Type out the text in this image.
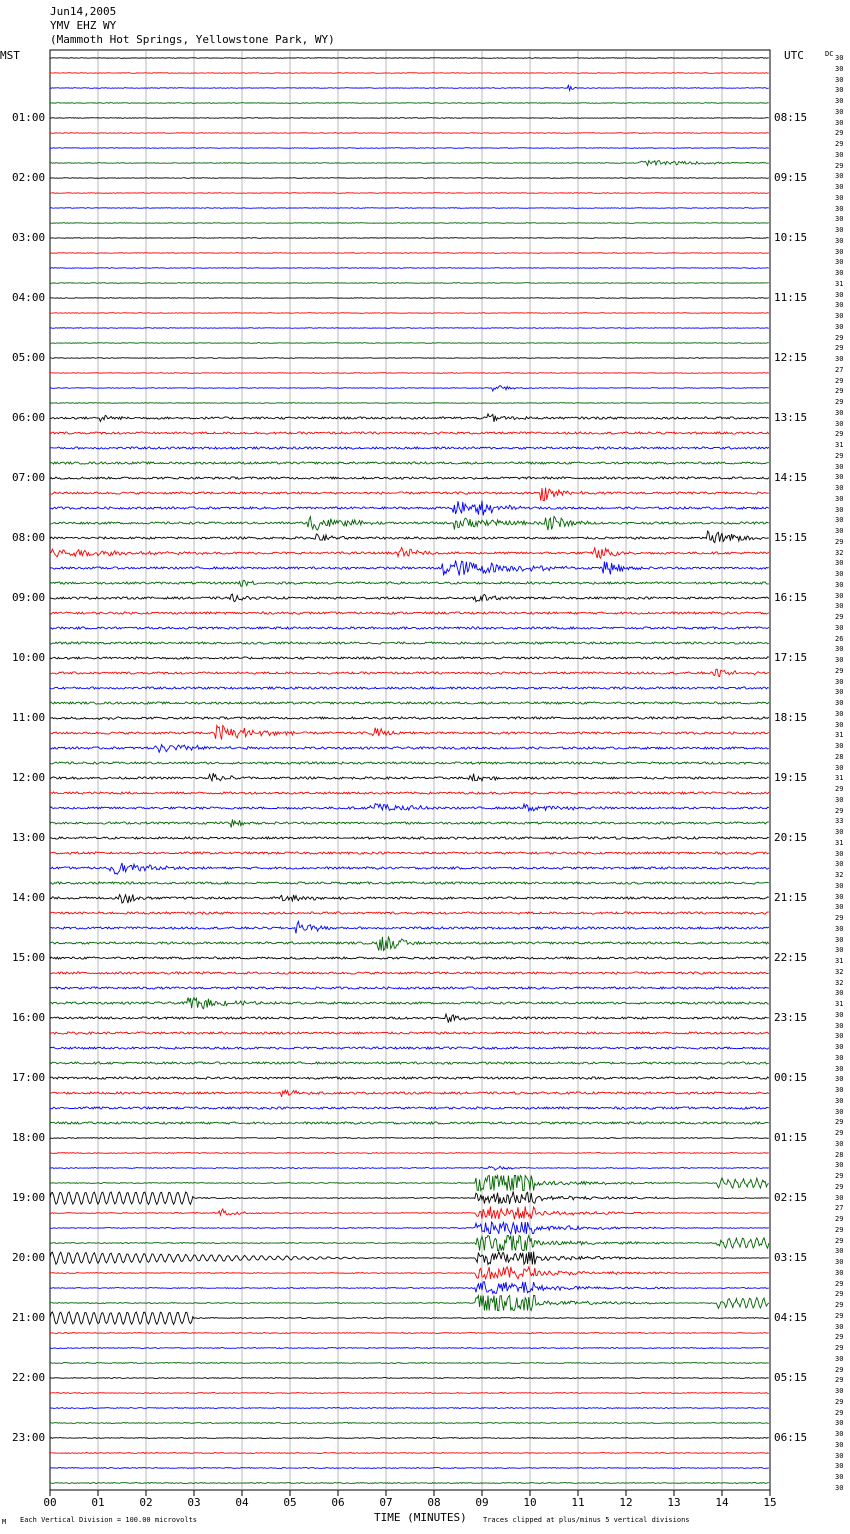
00	01	02	03	04	05	06	07	08	09	10	11	12	13	14	15
Jun14,2005
YMV EHZ WY
(Mammoth Hot Springs, Yellowstone Park, WY)
MST	UTC	DC
01:00
02:00
03:00
04:00
05:00
06:00
07:00
08:00
09:00
10:00
11:00
12:00
13:00
14:00
15:00
16:00
17:00
18:00
19:00
20:00
21:00
22:00
23:00
08:15
09:15
10:15
11:15
12:15
13:15
14:15
15:15
16:15
17:15
18:15
19:15
20:15
21:15
22:15
23:15
00:15
01:15
02:15
03:15
04:15
05:15
06:15
30
30
30
30
30
30
30
29
29
30
29
30
30
30
30
30
30
30
30
30
30
31
30
30
30
30
29
29
30
27
29
29
29
30
30
29
31
29
30
30
30
30
30
30
30
29
32
30
30
30
30
30
29
30
26
30
30
29
30
30
30
30
30
31
30
28
30
31
29
30
29
33
30
31
30
30
32
30
30
30
29
30
30
30
31
32
32
30
31
30
30
30
30
30
30
30
30
30
30
29
29
30
28
30
29
29
30
27
29
29
29
30
30
30
29
29
29
29
30
29
29
30
29
29
30
29
29
30
30
30
30
30
30
30
TIME (MINUTES)
Each Vertical Division = 100.00 microvolts	Traces clipped at plus/minus 5 vertical divisions
M
